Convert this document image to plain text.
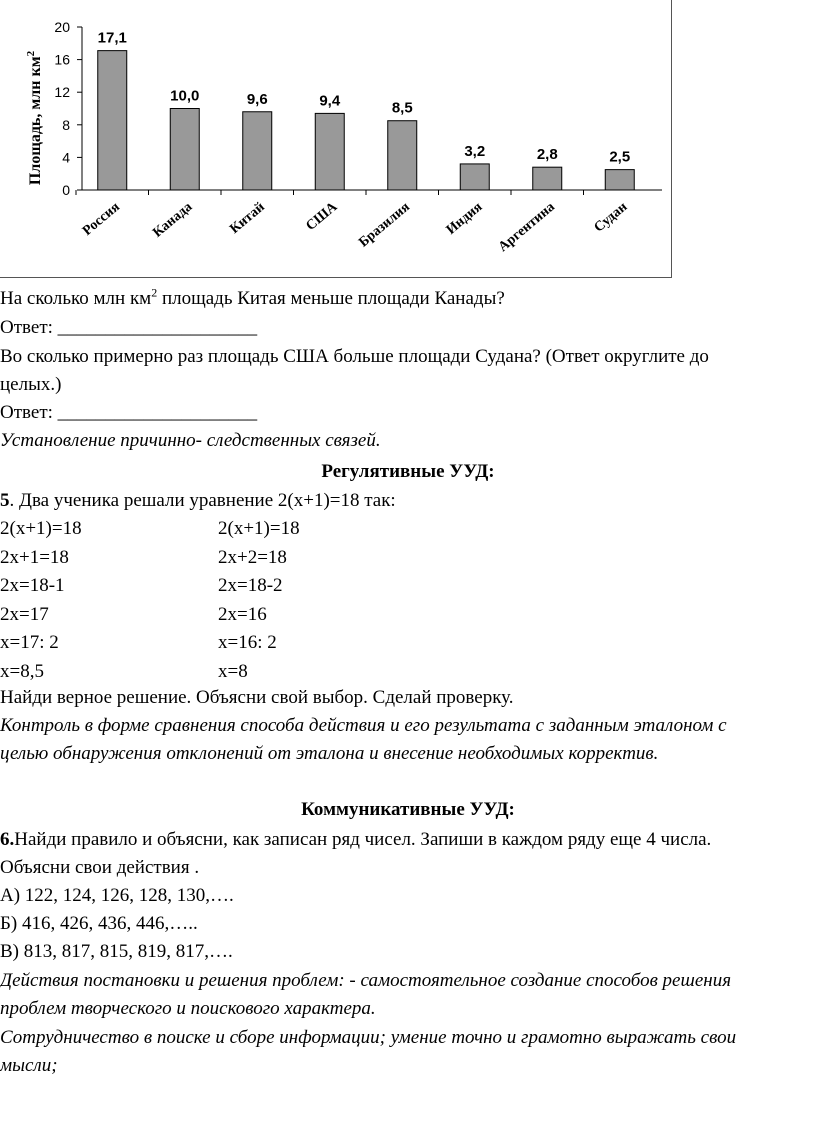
Площадь, млн $км^2$
0
4
8
12
16
20
17,1
Россия
10,0
Канада
9,6
Китай
9,4
США
8,5
Бразилия
3,2
Индия
2,8
Аргентина
2,5
Судан
На сколько млн $км^2$ площадь Китая меньше площади Канады?
Ответ: _____________________
Во сколько примерно раз площадь США больше площади Судана? (Ответ округлите до
целых.)
Ответ: _____________________
Установление причинно- следственных связей.
Регулятивные УУД:
5. Два ученика решали уравнение 2(х+1)=18 так:
2(х+1)=18	2(х+1)=18
2х+1=18	2х+2=18
2х=18-1	2х=18-2
2х=17	2х=16
х=17: 2	х=16: 2
х=8,5	х=8
Найди верное решение. Объясни свой выбор. Сделай проверку.
Контроль в форме сравнения способа действия и его результата с заданным эталоном с
целью обнаружения отклонений от эталона и внесение необходимых корректив.
Коммуникативные УУД:
6.Найди правило и объясни, как записан ряд чисел. Запиши в каждом ряду еще 4 числа.
Объясни свои действия .
А) 122, 124, 126, 128, 130,….
Б) 416, 426, 436, 446,…..
В) 813, 817, 815, 819, 817,….
Действия постановки и решения проблем: - самостоятельное создание способов решения
проблем творческого и поискового характера.
Сотрудничество в поиске и сборе информации; умение точно и грамотно выражать свои
мысли;
